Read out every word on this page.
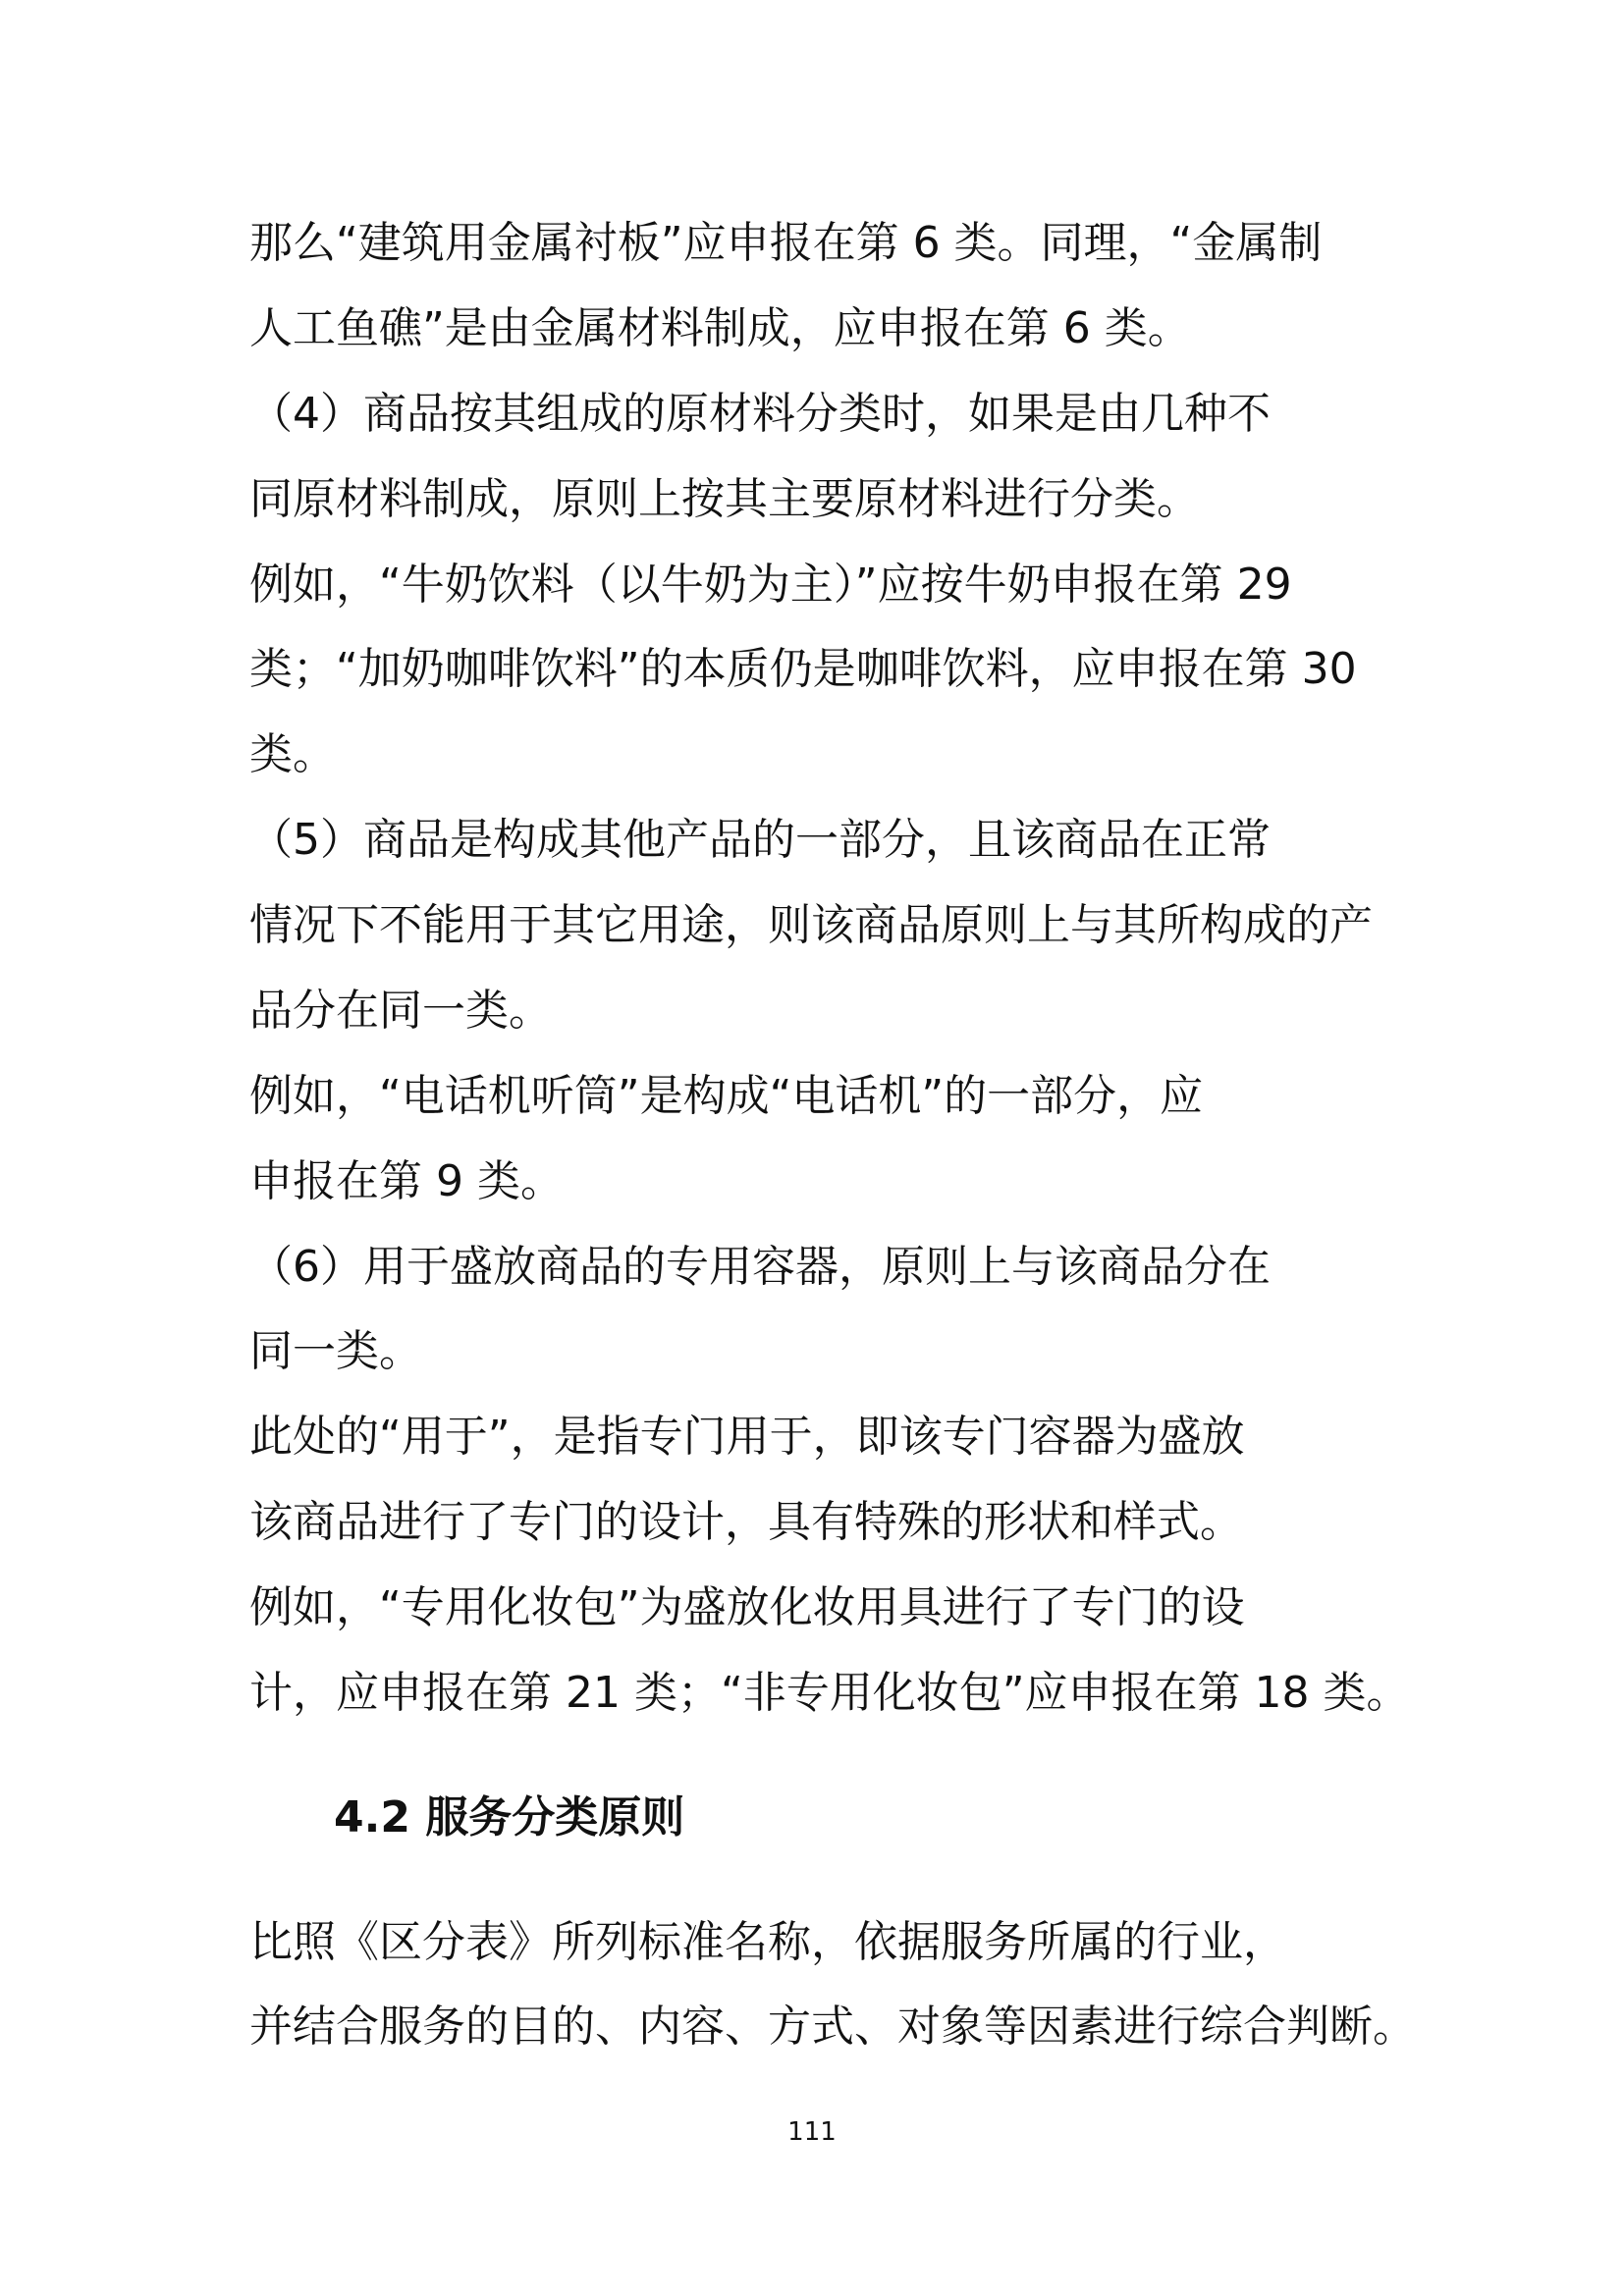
那么“建筑用金属衬板”应申报在第 6 类。同理，“金属制
人工鱼礁”是由金属材料制成，应申报在第 6 类。
（4）商品按其组成的原材料分类时，如果是由几种不
同原材料制成，原则上按其主要原材料进行分类。
例如，“牛奶饮料（以牛奶为主）”应按牛奶申报在第 29
类；“加奶咖啡饮料”的本质仍是咖啡饮料，应申报在第 30
类。
（5）商品是构成其他产品的一部分，且该商品在正常
情况下不能用于其它用途，则该商品原则上与其所构成的产
品分在同一类。
例如，“电话机听筒”是构成“电话机”的一部分，应
申报在第 9 类。
（6）用于盛放商品的专用容器，原则上与该商品分在
同一类。
此处的“用于”，是指专门用于，即该专门容器为盛放
该商品进行了专门的设计，具有特殊的形状和样式。
例如，“专用化妆包”为盛放化妆用具进行了专门的设
计，应申报在第 21 类；“非专用化妆包”应申报在第 18 类。
4.2 服务分类原则
比照《区分表》所列标准名称，依据服务所属的行业，
并结合服务的目的、内容、方式、对象等因素进行综合判断。
111
